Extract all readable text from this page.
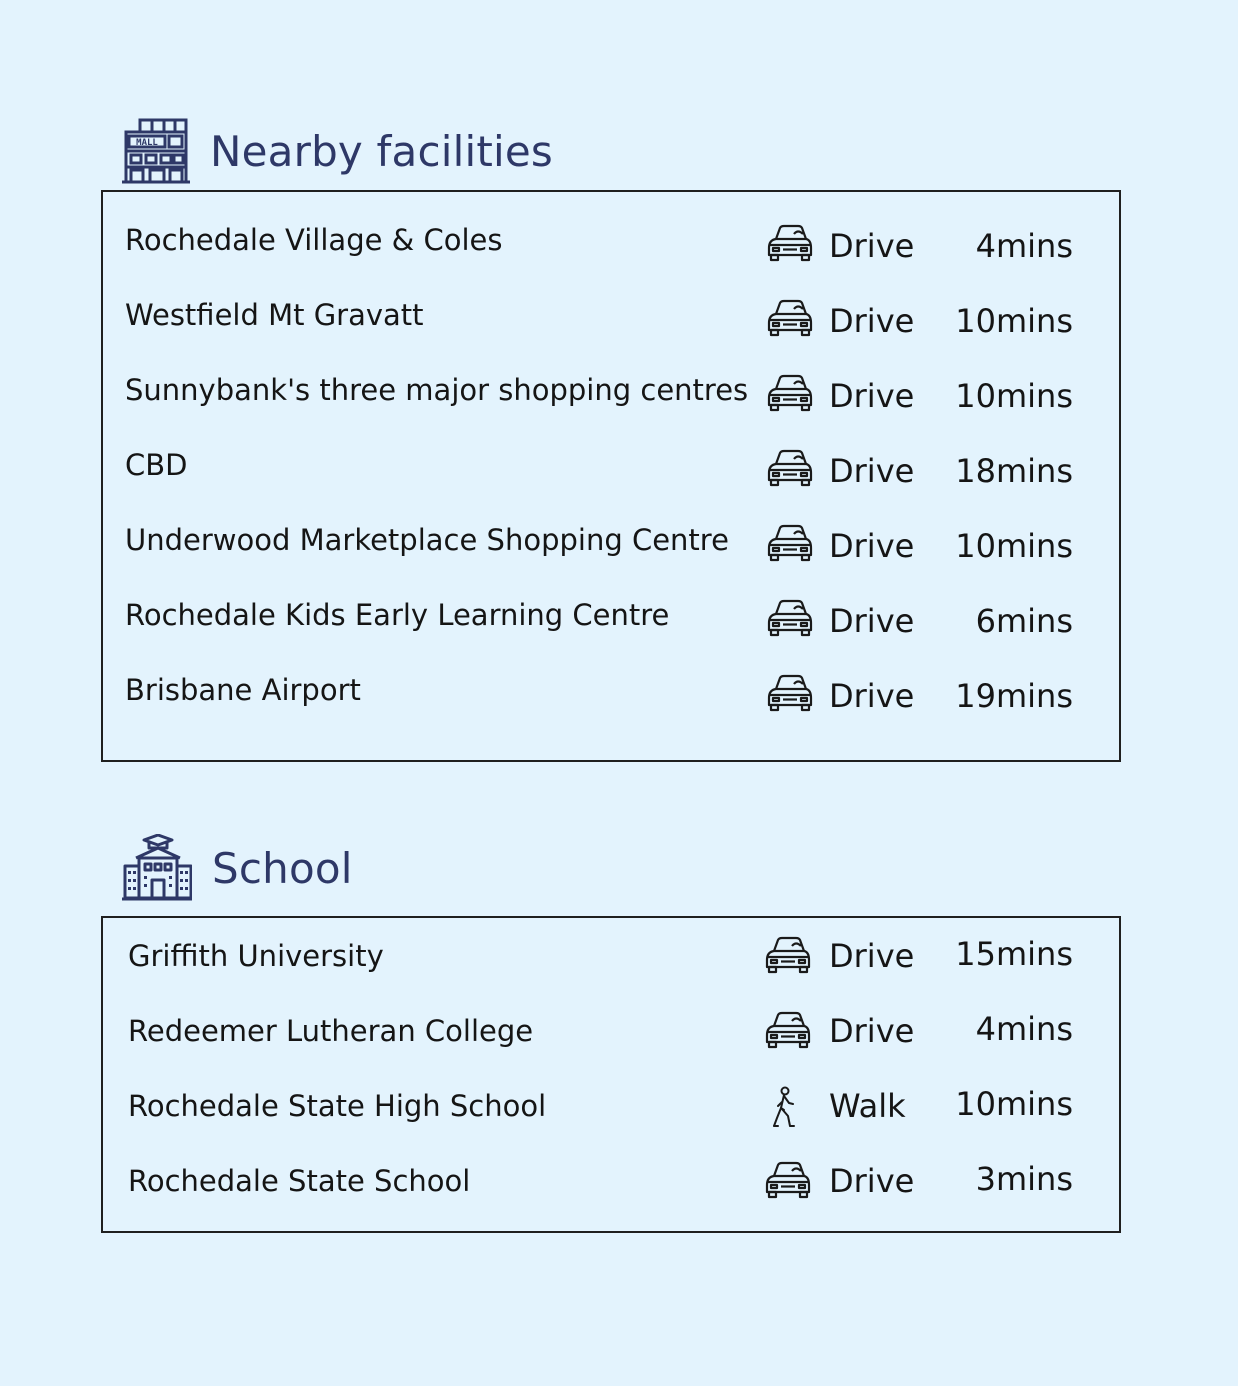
MALL Nearby facilities
Rochedale Village & Coles	Drive 4mins
Westfield Mt Gravatt	Drive 10mins
Sunnybank's three major shopping centres	Drive 10mins
CBD	Drive 18mins
Underwood Marketplace Shopping Centre	Drive 10mins
Rochedale Kids Early Learning Centre	Drive 6mins
Brisbane Airport	Drive 19mins
School
Griffith University	Drive 15mins
Redeemer Lutheran College	Drive 4mins
Rochedale State High School	Walk 10mins
Rochedale State School	Drive 3mins
